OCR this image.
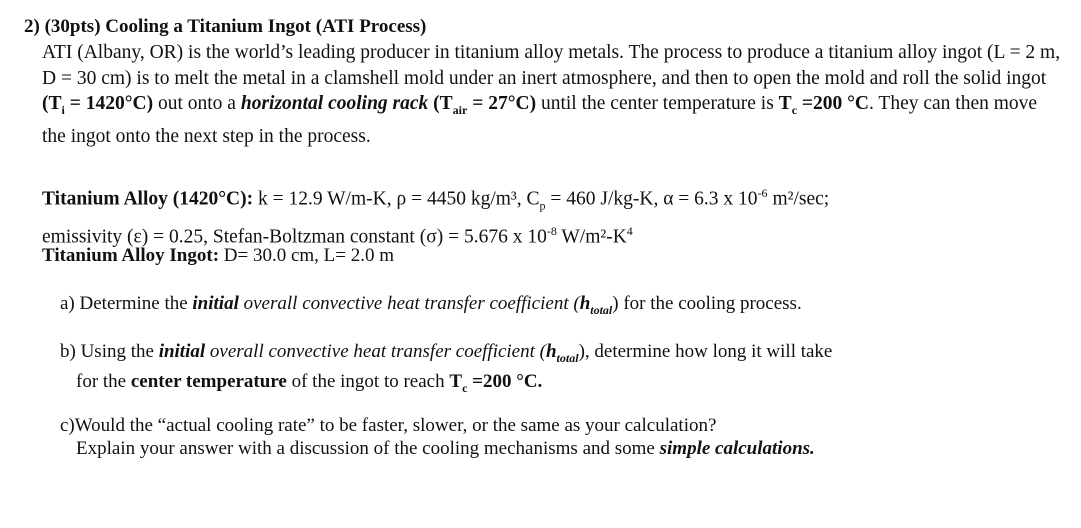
2) (30pts) Cooling a Titanium Ingot (ATI Process)
ATI (Albany, OR) is the world’s leading producer in titanium alloy metals. The process to produce a titanium alloy ingot (L = 2 m, D = 30 cm) is to melt the metal in a clamshell mold under an inert atmosphere, and then to open the mold and roll the solid ingot $(T_i = 1420^\circ C)$ out onto a horizontal cooling rack $(T_{air} = 27^\circ C)$ until the center temperature is $T_c =200$ °C. They can then move the ingot onto the next step in the process.
Titanium Alloy (1420°C): k = 12.9 W/m-K, ρ = 4450 kg/m³, $C_p = 460$ J/kg-K, α = 6.3 x $10^{-6}$ m²/sec;
emissivity (ε) = 0.25, Stefan-Boltzman constant (σ) = 5.676 x $10^{-8}$ $W/m^2-K^4$
Titanium Alloy Ingot: D= 30.0 cm, L= 2.0 m
a) Determine the initial overall convective heat transfer coefficient $(h_{total})$ for the cooling process.
b) Using the initial overall convective heat transfer coefficient $(h_{total})$, determine how long it will take
for the center temperature of the ingot to reach $T_c =200$ °C.
c)Would the “actual cooling rate” to be faster, slower, or the same as your calculation?
Explain your answer with a discussion of the cooling mechanisms and some simple calculations.
